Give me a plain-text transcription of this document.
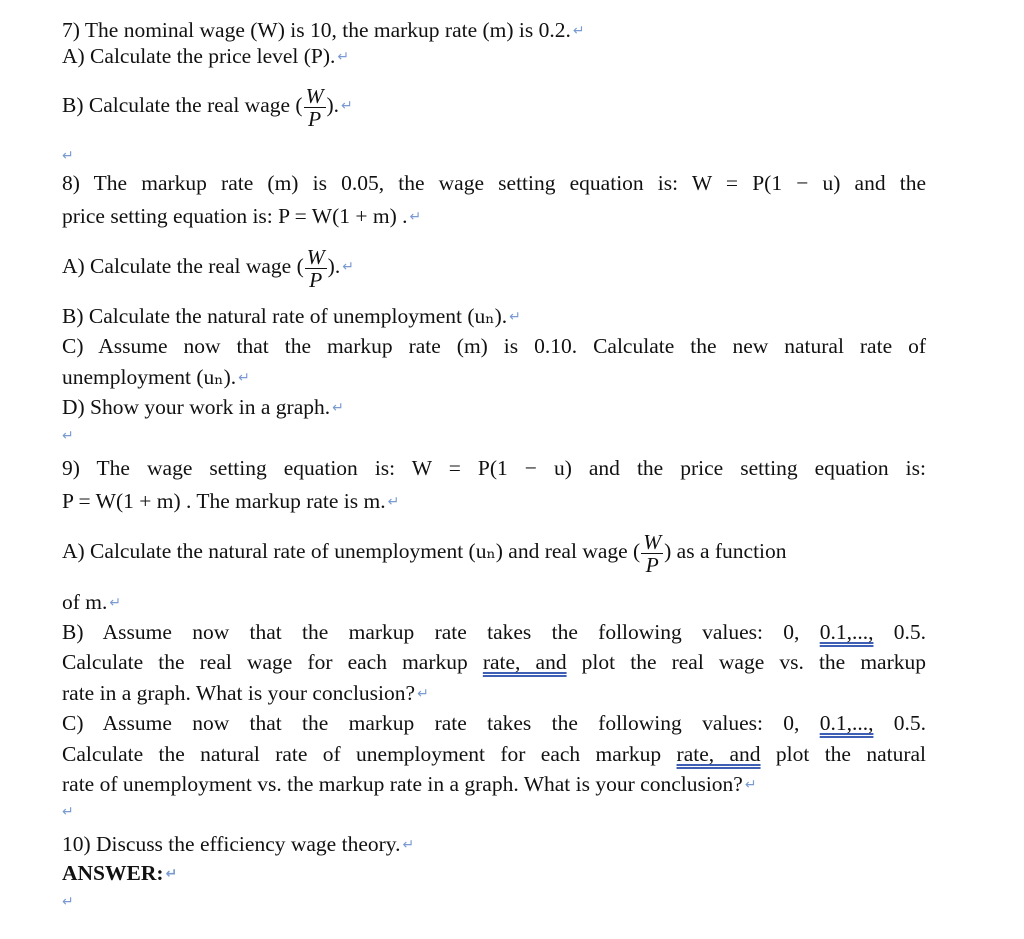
7) The nominal wage (W) is 10, the markup rate (m) is 0.2. ↵
A) Calculate the price level (P). ↵
B) Calculate the real wage ( $\frac{W}{P}$ ). ↵
↵
8) The markup rate (m) is 0.05, the wage setting equation is: W = P(1 − u) and the
price setting equation is: P = W(1 + m) . ↵
A) Calculate the real wage ( $\frac{W}{P}$ ). ↵
B) Calculate the natural rate of unemployment (uₙ). ↵
C) Assume now that the markup rate (m) is 0.10. Calculate the new natural rate of
unemployment (uₙ). ↵
D) Show your work in a graph. ↵
↵
9) The wage setting equation is: W = P(1 − u) and the price setting equation is:
P = W(1 + m) . The markup rate is m. ↵
A) Calculate the natural rate of unemployment (uₙ) and real wage ( $\frac{W}{P}$ ) as a function
of m. ↵
B) Assume now that the markup rate takes the following values: 0, 0.1,..., 0.5.
Calculate the real wage for each markup rate, and plot the real wage vs. the markup
rate in a graph. What is your conclusion? ↵
C) Assume now that the markup rate takes the following values: 0, 0.1,..., 0.5.
Calculate the natural rate of unemployment for each markup rate, and plot the natural
rate of unemployment vs. the markup rate in a graph. What is your conclusion? ↵
↵
10) Discuss the efficiency wage theory. ↵
ANSWER: ↵
↵
